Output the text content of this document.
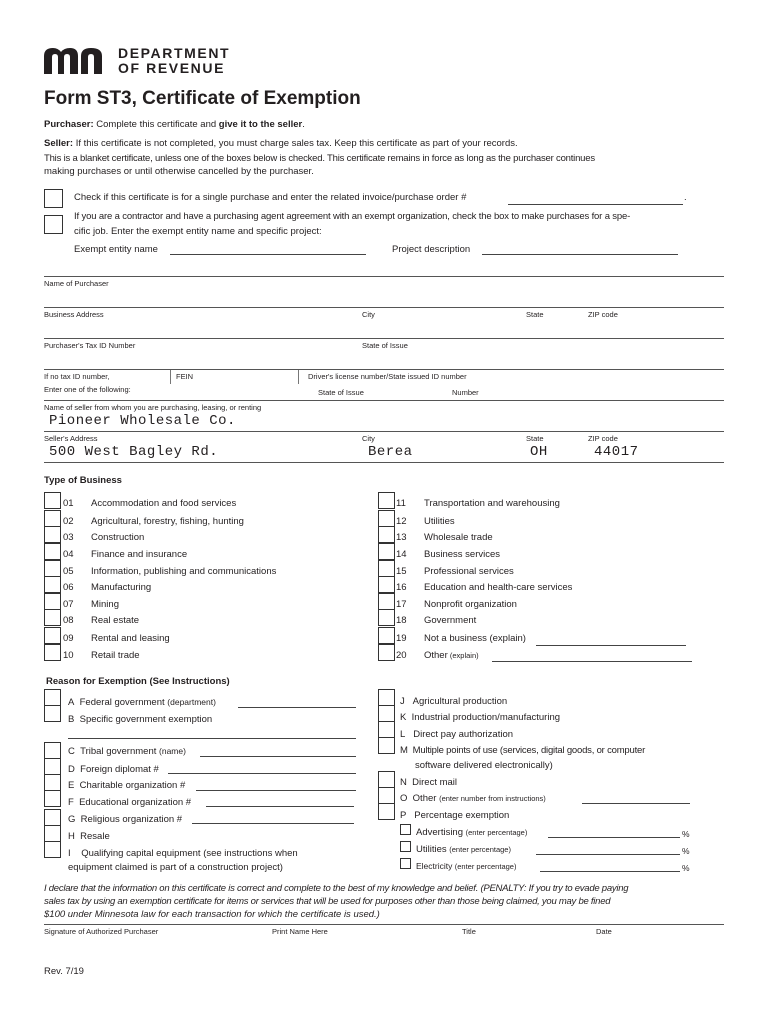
DEPARTMENT
OF REVENUE
Form ST3, Certificate of Exemption
Purchaser: Complete this certificate and give it to the seller.
Seller: If this certificate is not completed, you must charge sales tax. Keep this certificate as part of your records.
This is a blanket certificate, unless one of the boxes below is checked. This certificate remains in force as long as the purchaser continues
making purchases or until otherwise cancelled by the purchaser.
Check if this certificate is for a single purchase and enter the related invoice/purchase order #	.
If you are a contractor and have a purchasing agent agreement with an exempt organization, check the box to make purchases for a spe-
cific job. Enter the exempt entity name and specific project:
Exempt entity name	Project description
Name of Purchaser
Business Address	City	State	ZIP code
Purchaser's Tax ID Number	State of Issue
If no tax ID number,
Enter one of the following:
FEIN	Driver's license number/State issued ID number
State of Issue	Number
Name of seller from whom you are purchasing, leasing, or renting
Pioneer Wholesale Co.
Seller's Address	City	State	ZIP code
500 West Bagley Rd.	Berea	OH	44017
Type of Business
01 Accommodation and food services
02 Agricultural, forestry, fishing, hunting
03 Construction
04 Finance and insurance
05 Information, publishing and communications
06 Manufacturing
07 Mining
08 Real estate
09 Rental and leasing
10 Retail trade
11 Transportation and warehousing
12 Utilities
13 Wholesale trade
14 Business services
15 Professional services
16 Education and health-care services
17 Nonprofit organization
18 Government
19 Not a business (explain)
20 Other (explain)
Reason for Exemption (See Instructions)
A Federal government (department)
B Specific government exemption
C Tribal government (name)
D Foreign diplomat #
E Charitable organization #
F Educational organization #
G Religious organization #
H Resale
I Qualifying capital equipment (see instructions when
equipment claimed is part of a construction project)
J Agricultural production
K Industrial production/manufacturing
L Direct pay authorization
M Multiple points of use (services, digital goods, or computer
software delivered electronically)
N Direct mail
O Other (enter number from instructions)
P Percentage exemption
Advertising (enter percentage)	%
Utilities (enter percentage)	%
Electricity (enter percentage)	%
I declare that the information on this certificate is correct and complete to the best of my knowledge and belief. (PENALTY: If you try to evade paying
sales tax by using an exemption certificate for items or services that will be used for purposes other than those being claimed, you may be fined
$100 under Minnesota law for each transaction for which the certificate is used.)
Signature of Authorized Purchaser	Print Name Here	Title	Date
Rev. 7/19
